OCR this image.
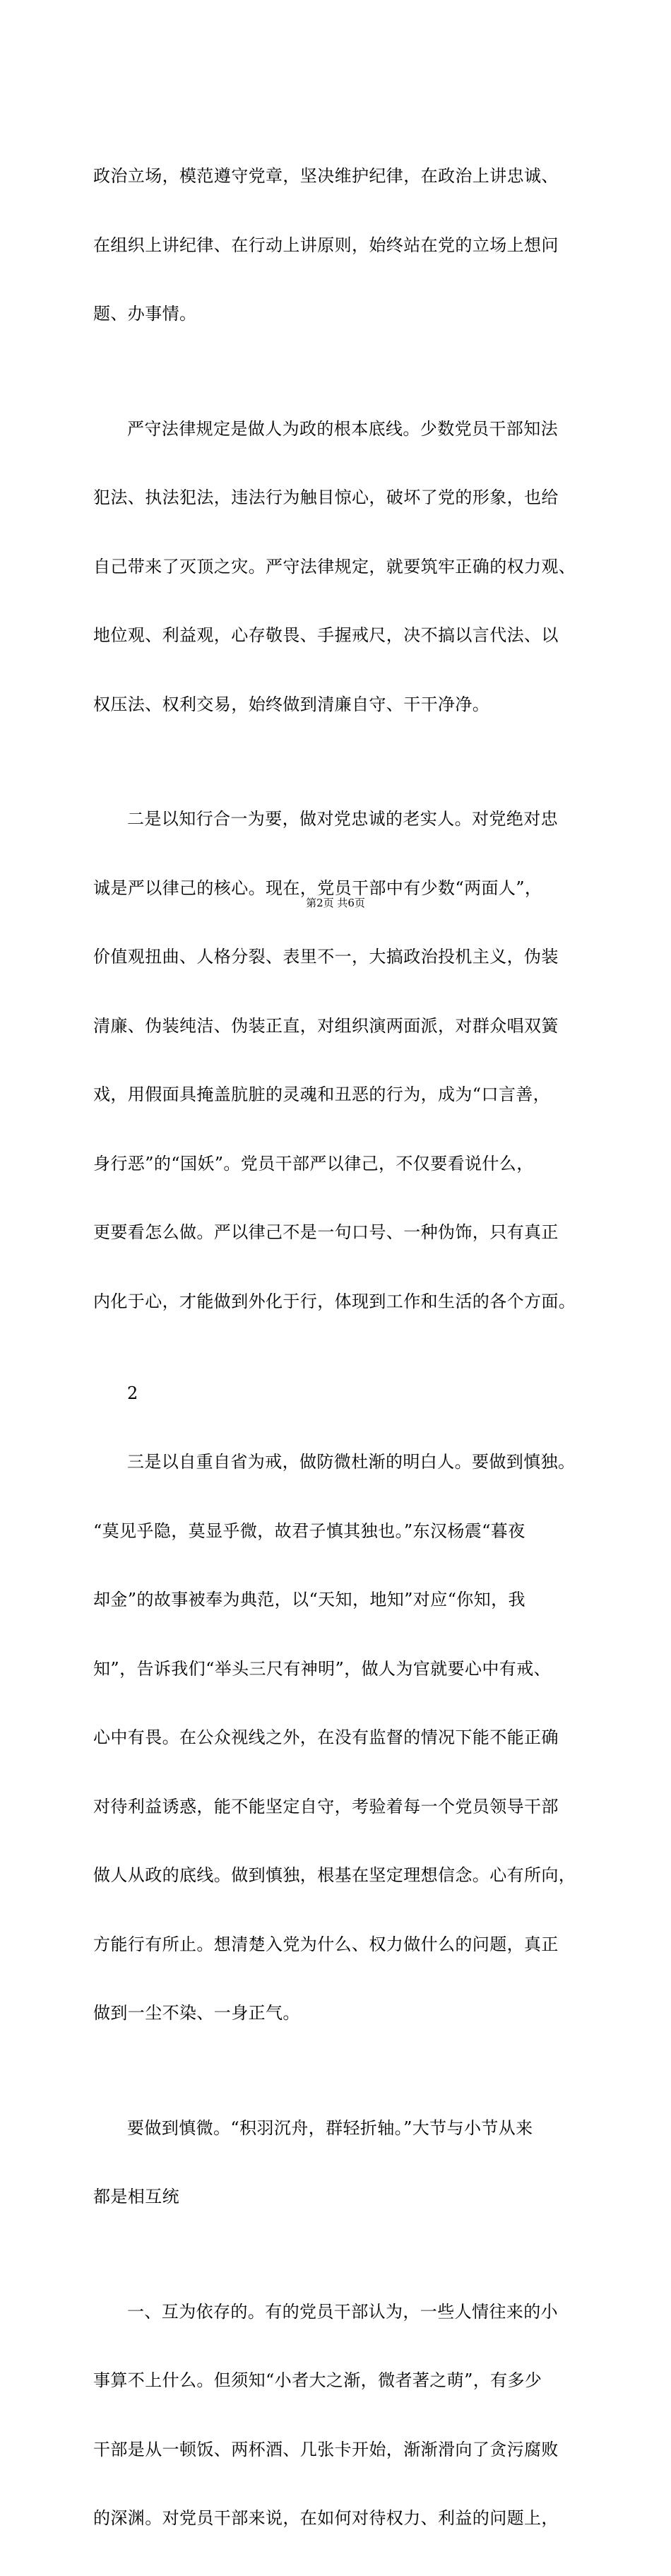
政治立场，模范遵守党章，坚决维护纪律，在政治上讲忠诚、

在组织上讲纪律、在行动上讲原则，始终站在党的立场上想问

题、办事情。

严守法律规定是做人为政的根本底线。少数党员干部知法

犯法、执法犯法，违法行为触目惊心，破坏了党的形象，也给

自己带来了灭顶之灾。严守法律规定，就要筑牢正确的权力观、

地位观、利益观，心存敬畏、手握戒尺，决不搞以言代法、以

权压法、权利交易，始终做到清廉自守、干干净净。

二是以知行合一为要，做对党忠诚的老实人。对党绝对忠

诚是严以律己的核心。现在，党员干部中有少数“两面人”，

价值观扭曲、人格分裂、表里不一，大搞政治投机主义，伪装

清廉、伪装纯洁、伪装正直，对组织演两面派，对群众唱双簧

戏，用假面具掩盖肮脏的灵魂和丑恶的行为，成为“口言善，

身行恶”的“国妖”。党员干部严以律己，不仅要看说什么，

更要看怎么做。严以律己不是一句口号、一种伪饰，只有真正

内化于心，才能做到外化于行，体现到工作和生活的各个方面。

2

三是以自重自省为戒，做防微杜渐的明白人。要做到慎独。

“莫见乎隐，莫显乎微，故君子慎其独也。”东汉杨震“暮夜

却金”的故事被奉为典范，以“天知，地知”对应“你知，我

知”，告诉我们“举头三尺有神明”，做人为官就要心中有戒、

心中有畏。在公众视线之外，在没有监督的情况下能不能正确

对待利益诱惑，能不能坚定自守，考验着每一个党员领导干部

做人从政的底线。做到慎独，根基在坚定理想信念。心有所向，

方能行有所止。想清楚入党为什么、权力做什么的问题，真正

做到一尘不染、一身正气。

要做到慎微。“积羽沉舟，群轻折轴。”大节与小节从来

都是相互统

一、互为依存的。有的党员干部认为，一些人情往来的小

事算不上什么。但须知“小者大之渐，微者著之萌”，有多少

干部是从一顿饭、两杯酒、几张卡开始，渐渐滑向了贪污腐败

的深渊。对党员干部来说，在如何对待权力、利益的问题上，

第2页 共6页
